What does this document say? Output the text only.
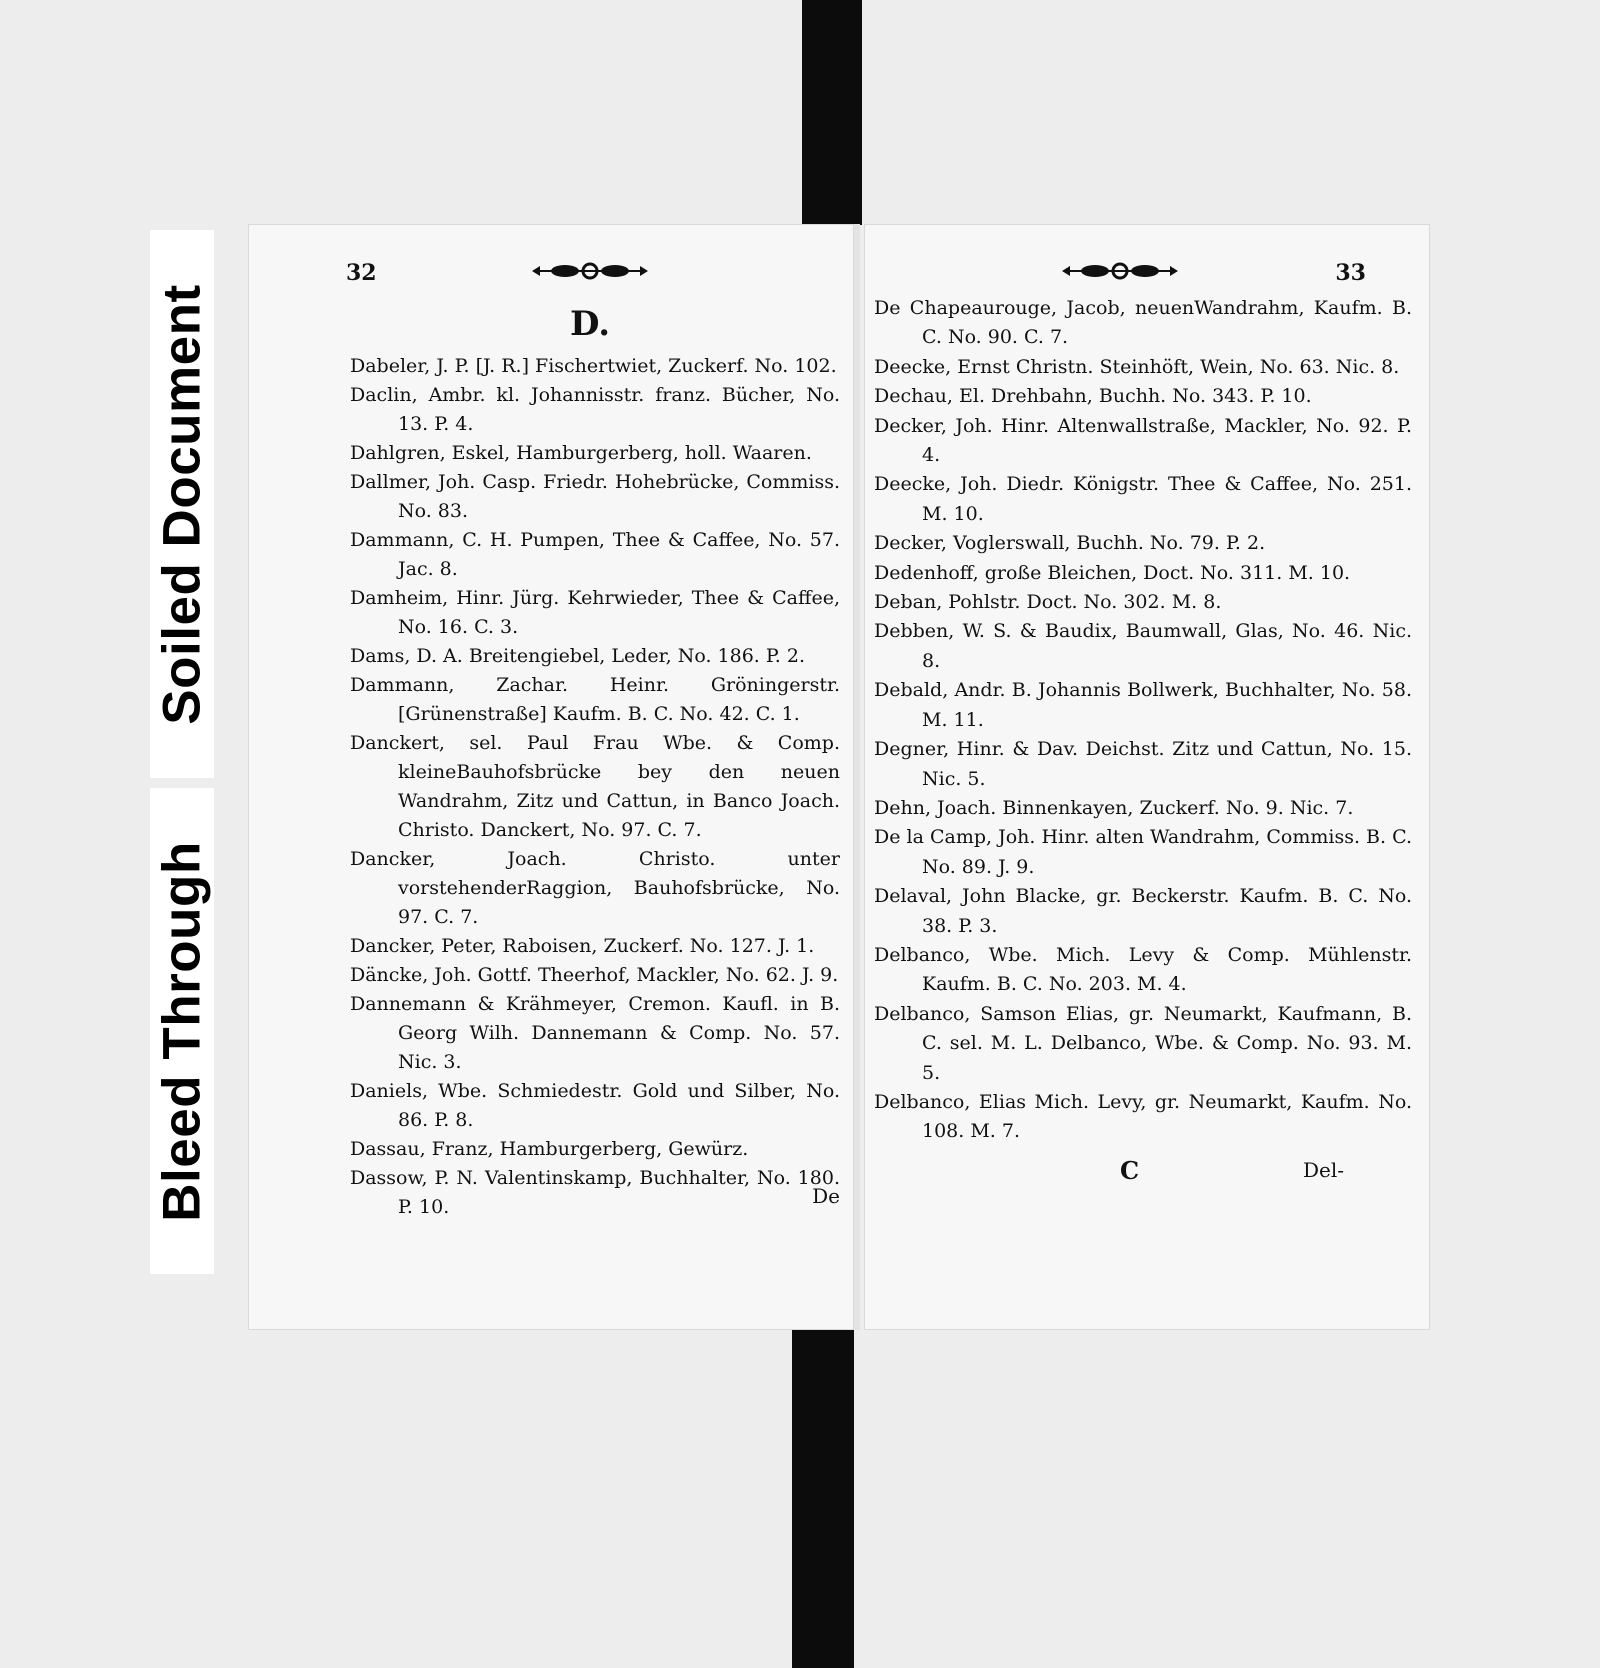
Soiled Document
Bleed Through
32
D.
Dabeler, J. P. [J. R.] Fischertwiet, Zuckerf. No. 102.
Daclin, Ambr. kl. Johannisstr. franz. Bücher, No. 13. P. 4.
Dahlgren, Eskel, Hamburgerberg, holl. Waaren.
Dallmer, Joh. Casp. Friedr. Hohebrücke, Commiss. No. 83.
Dammann, C. H. Pumpen, Thee & Caffee, No. 57. Jac. 8.
Damheim, Hinr. Jürg. Kehrwieder, Thee & Caffee, No. 16. C. 3.
Dams, D. A. Breitengiebel, Leder, No. 186. P. 2.
Dammann, Zachar. Heinr. Gröningerstr. [Grünenstraße] Kaufm. B. C. No. 42. C. 1.
Danckert, sel. Paul Frau Wbe. & Comp. kleineBauhofsbrücke bey den neuen Wandrahm, Zitz und Cattun, in Banco Joach. Christo. Danckert, No. 97. C. 7.
Dancker, Joach. Christo. unter vorstehenderRaggion, Bauhofsbrücke, No. 97. C. 7.
Dancker, Peter, Raboisen, Zuckerf. No. 127. J. 1.
Däncke, Joh. Gottf. Theerhof, Mackler, No. 62. J. 9.
Dannemann & Krähmeyer, Cremon. Kaufl. in B. Georg Wilh. Dannemann & Comp. No. 57. Nic. 3.
Daniels, Wbe. Schmiedestr. Gold und Silber, No. 86. P. 8.
Dassau, Franz, Hamburgerberg, Gewürz.
Dassow, P. N. Valentinskamp, Buchhalter, No. 180. P. 10.	De
33
De Chapeaurouge, Jacob, neuenWandrahm, Kaufm. B. C. No. 90. C. 7.
Deecke, Ernst Christn. Steinhöft, Wein, No. 63. Nic. 8.
Dechau, El. Drehbahn, Buchh. No. 343. P. 10.
Decker, Joh. Hinr. Altenwallstraße, Mackler, No. 92. P. 4.
Deecke, Joh. Diedr. Königstr. Thee & Caffee, No. 251. M. 10.
Decker, Voglerswall, Buchh. No. 79. P. 2.
Dedenhoff, große Bleichen, Doct. No. 311. M. 10.
Deban, Pohlstr. Doct. No. 302. M. 8.
Debben, W. S. & Baudix, Baumwall, Glas, No. 46. Nic. 8.
Debald, Andr. B. Johannis Bollwerk, Buchhalter, No. 58. M. 11.
Degner, Hinr. & Dav. Deichst. Zitz und Cattun, No. 15. Nic. 5.
Dehn, Joach. Binnenkayen, Zuckerf. No. 9. Nic. 7.
De la Camp, Joh. Hinr. alten Wandrahm, Commiss. B. C. No. 89. J. 9.
Delaval, John Blacke, gr. Beckerstr. Kaufm. B. C. No. 38. P. 3.
Delbanco, Wbe. Mich. Levy & Comp. Mühlenstr. Kaufm. B. C. No. 203. M. 4.
Delbanco, Samson Elias, gr. Neumarkt, Kaufmann, B. C. sel. M. L. Delbanco, Wbe. & Comp. No. 93. M. 5.
Delbanco, Elias Mich. Levy, gr. Neumarkt, Kaufm. No. 108. M. 7.
C	Del-
